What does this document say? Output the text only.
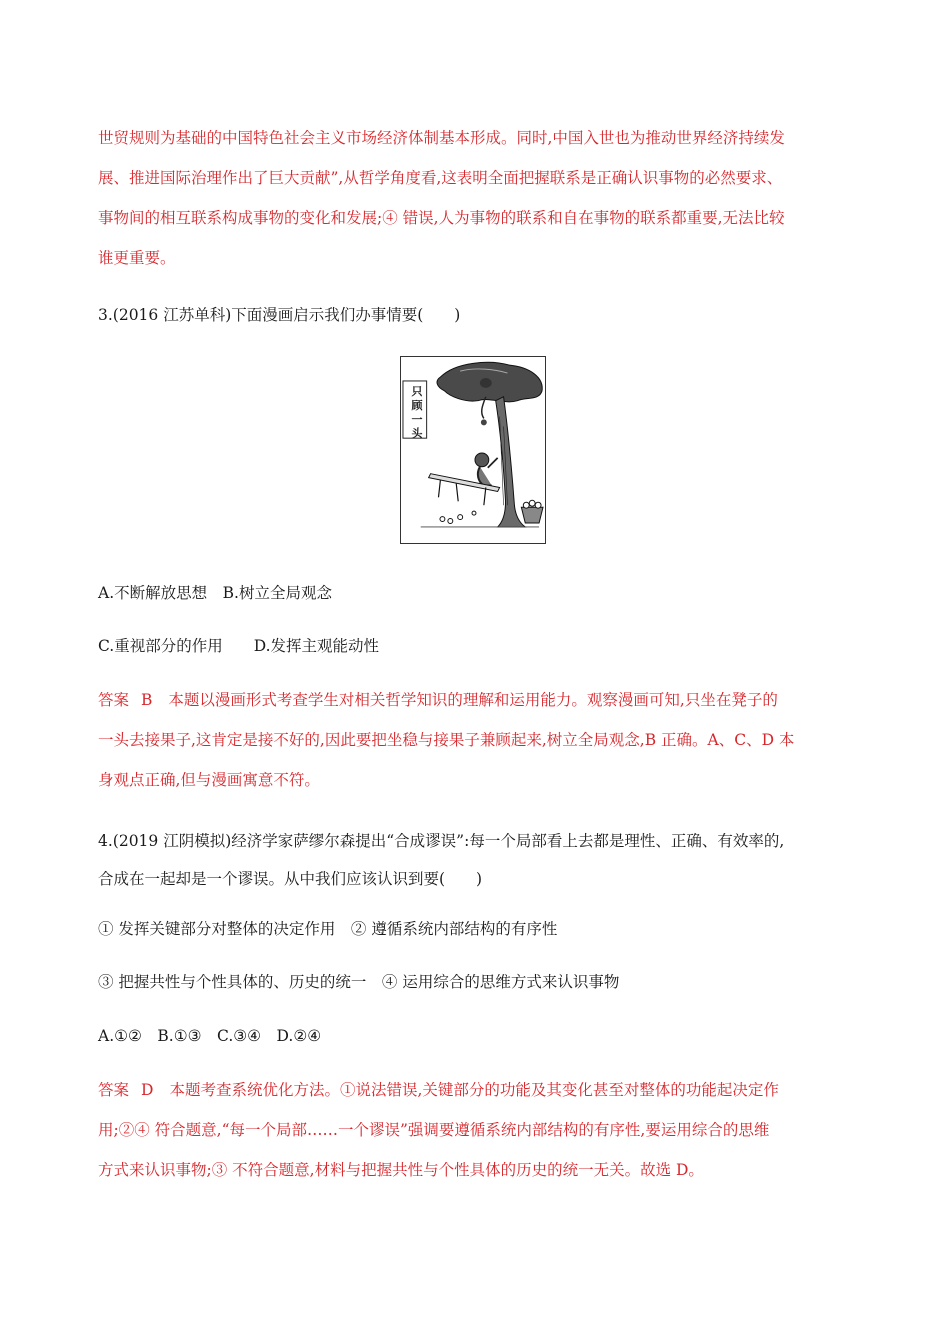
世贸规则为基础的中国特色社会主义市场经济体制基本形成。同时,中国入世也为推动世界经济持续发
展、推进国际治理作出了巨大贡献”,从哲学角度看,这表明全面把握联系是正确认识事物的必然要求、
事物间的相互联系构成事物的变化和发展;④ 错误,人为事物的联系和自在事物的联系都重要,无法比较
谁更重要。
3.(2016 江苏单科)下面漫画启示我们办事情要(　　)
只
顾
一
头
A.不断解放思想　B.树立全局观念
C.重视部分的作用　　D.发挥主观能动性
答案 B 本题以漫画形式考查学生对相关哲学知识的理解和运用能力。观察漫画可知,只坐在凳子的
一头去接果子,这肯定是接不好的,因此要把坐稳与接果子兼顾起来,树立全局观念,B 正确。A、C、D 本
身观点正确,但与漫画寓意不符。
4.(2019 江阴模拟)经济学家萨缪尔森提出“合成谬误”:每一个局部看上去都是理性、正确、有效率的,
合成在一起却是一个谬误。从中我们应该认识到要(　　)
① 发挥关键部分对整体的决定作用　② 遵循系统内部结构的有序性
③ 把握共性与个性具体的、历史的统一　④ 运用综合的思维方式来认识事物
A.①②　B.①③　C.③④　D.②④
答案 D 本题考查系统优化方法。①说法错误,关键部分的功能及其变化甚至对整体的功能起决定作
用;②④ 符合题意,“每一个局部……一个谬误”强调要遵循系统内部结构的有序性,要运用综合的思维
方式来认识事物;③ 不符合题意,材料与把握共性与个性具体的历史的统一无关。故选 D。
